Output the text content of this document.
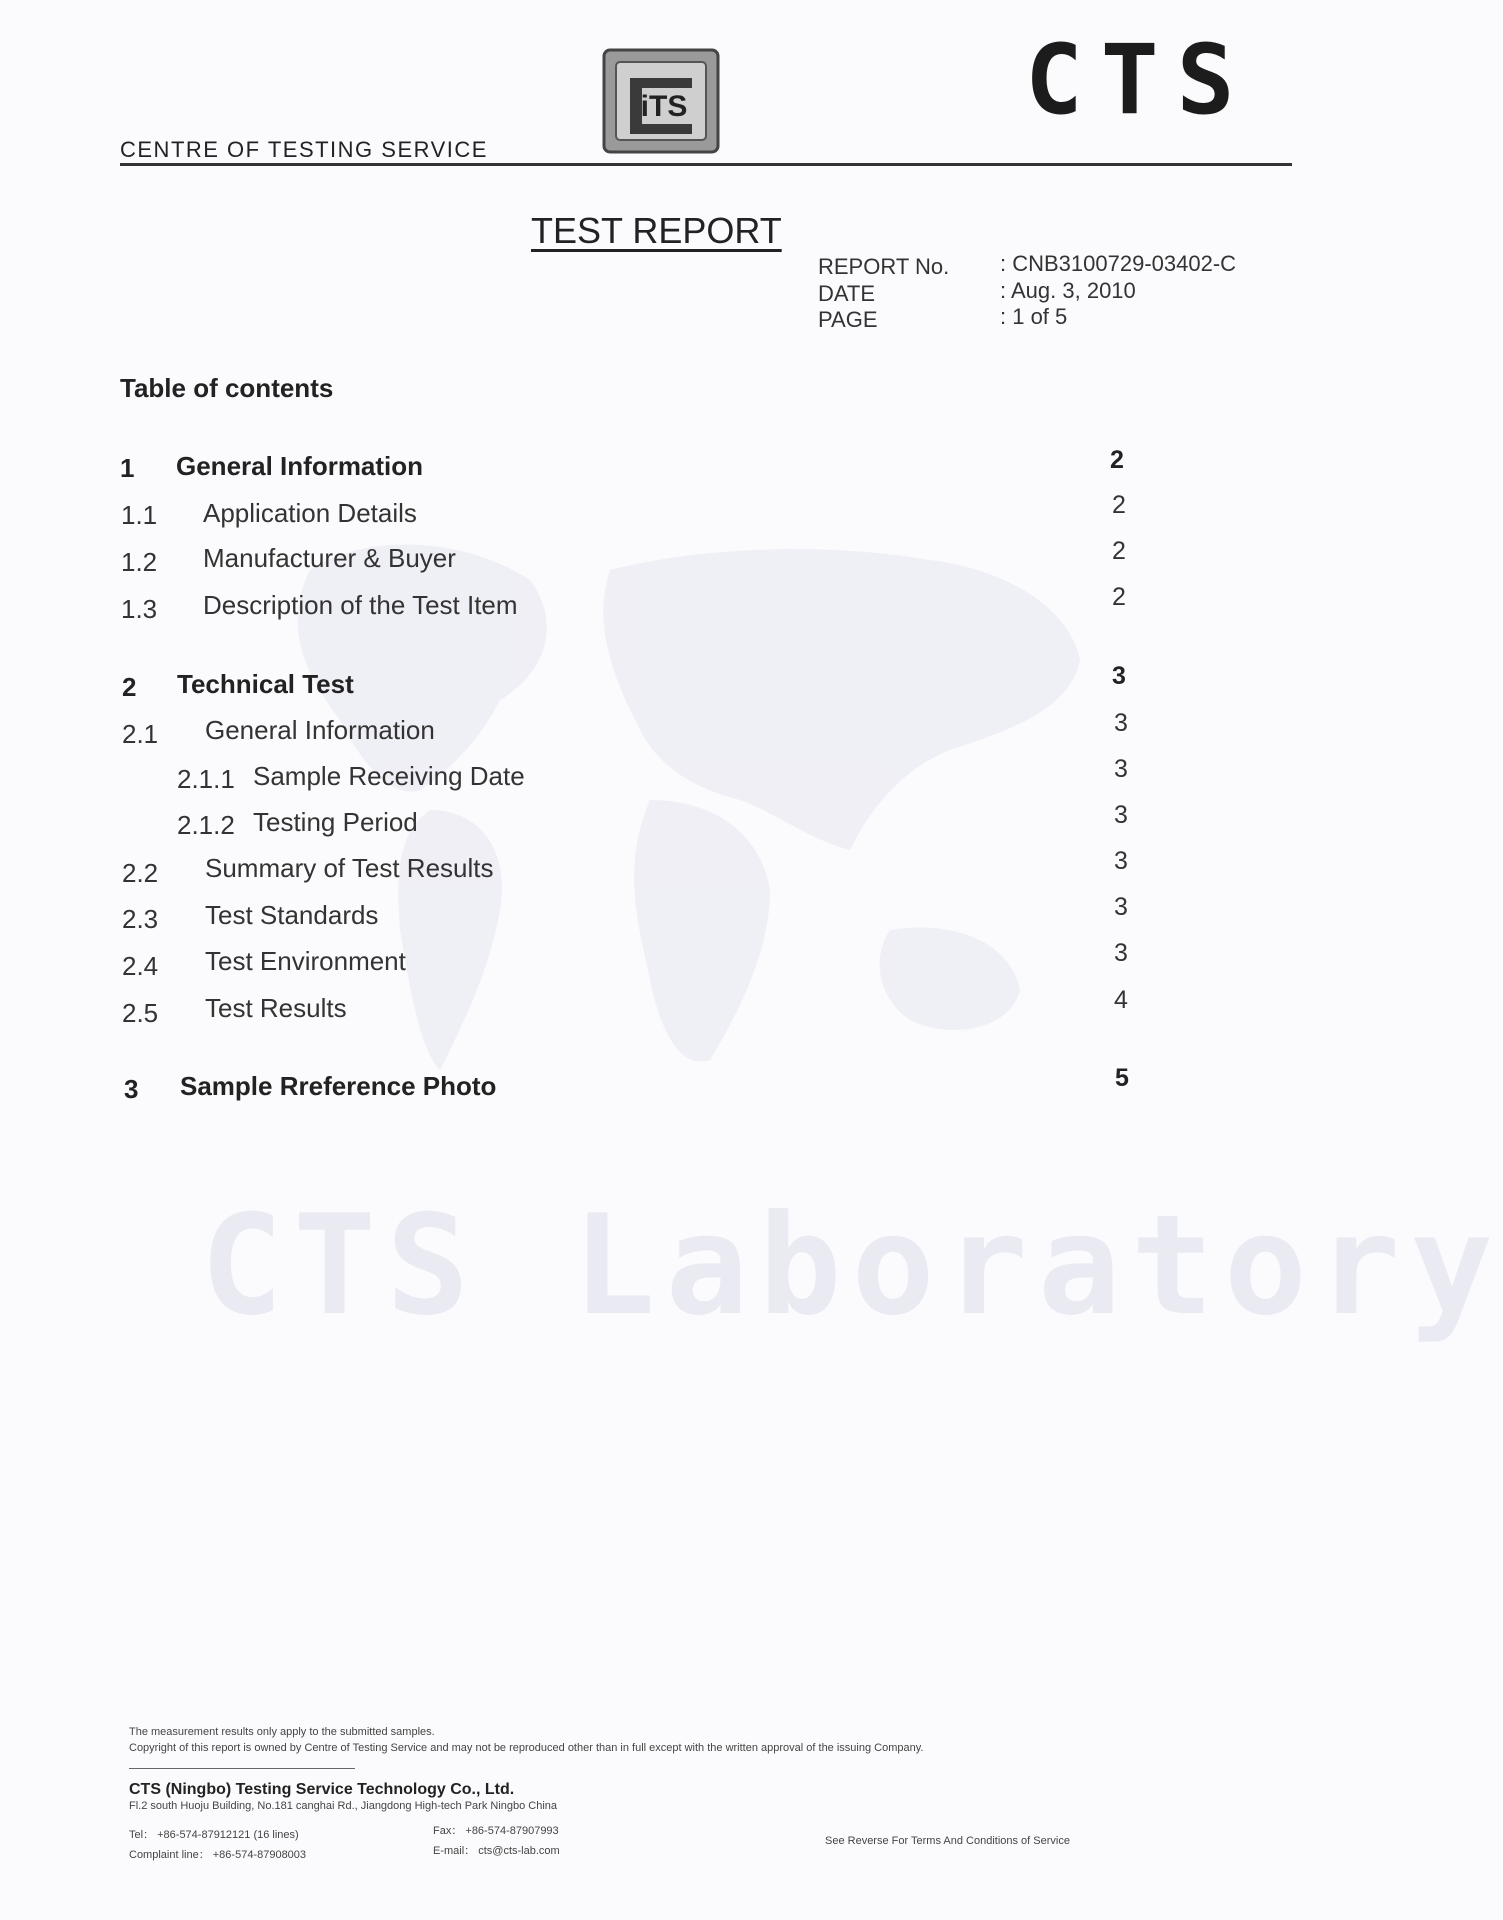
CTS Laboratory
CENTRE OF TESTING SERVICE
iTS	CTS
TEST REPORT
REPORT No. : CNB3100729-03402-C
DATE	: Aug. 3, 2010
PAGE	: 1 of 5
Table of contents
1 General Information	2
1.1 Application Details	2
1.2 Manufacturer & Buyer	2
1.3 Description of the Test Item	2
2 Technical Test	3
2.1 General Information	3
2.1.1 Sample Receiving Date	3
2.1.2 Testing Period	3
2.2 Summary of Test Results	3
2.3 Test Standards	3
2.4 Test Environment	3
2.5 Test Results	4
3 Sample Rreference Photo	5
The measurement results only apply to the submitted samples.
Copyright of this report is owned by Centre of Testing Service and may not be reproduced other than in full except with the written approval of the issuing Company.
CTS (Ningbo) Testing Service Technology Co., Ltd.
Fl.2 south Huoju Building, No.181 canghai Rd., Jiangdong High-tech Park Ningbo China
Tel： +86-574-87912121 (16 lines)	Fax： +86-574-87907993
Complaint line： +86-574-87908003	E-mail： cts@cts-lab.com
See Reverse For Terms And Conditions of Service
